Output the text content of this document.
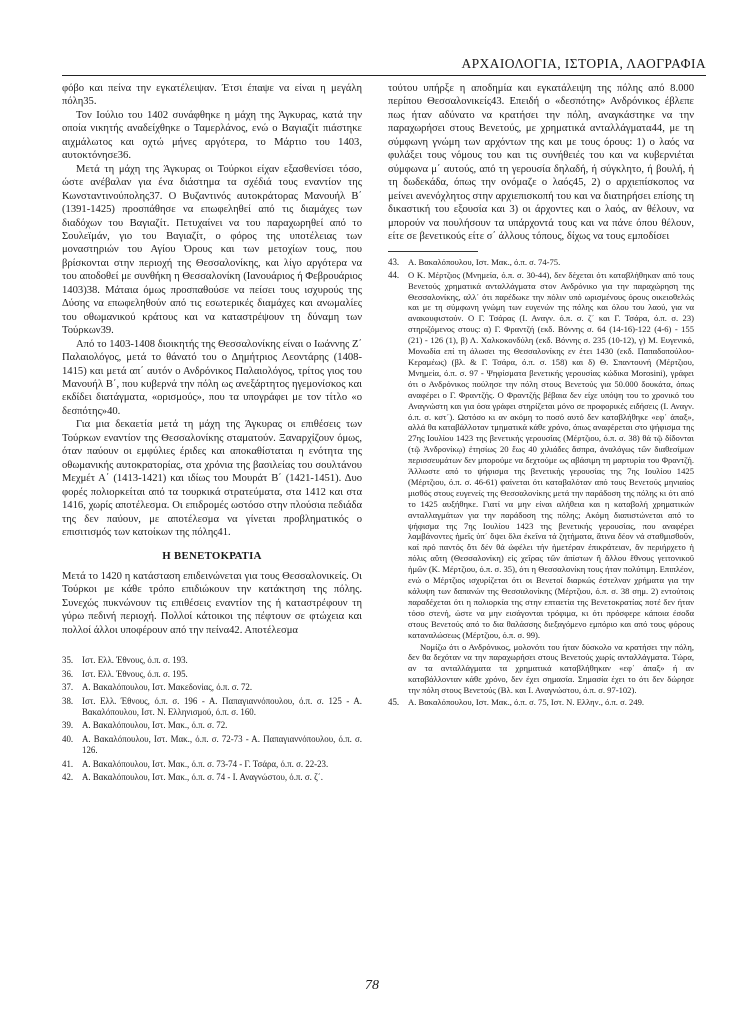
ΑΡΧΑΙΟΛΟΓΙΑ, ΙΣΤΟΡΙΑ, ΛΑΟΓΡΑΦΙΑ

φόβο και πείνα την εγκατέλειψαν. Έτσι έπαψε να είναι η μεγάλη πόλη35.

Τον Ιούλιο του 1402 συνάφθηκε η μάχη της Άγκυρας, κατά την οποία νικητής αναδείχθηκε ο Ταμερλάνος, ενώ ο Βαγιαζίτ πιάστηκε αιχμάλωτος και οχτώ μήνες αργότερα, το Μάρτιο του 1403, αυτοκτόνησε36.

Μετά τη μάχη της Άγκυρας οι Τούρκοι είχαν εξασθενίσει τόσο, ώστε ανέβαλαν για ένα διάστημα τα σχέδιά τους εναντίον της Κωνσταντινούπολης37. Ο Βυζαντινός αυτοκράτορας Μανουήλ Β΄ (1391-1425) προσπάθησε να επωφεληθεί από τις διαμάχες των διαδόχων του Βαγιαζίτ. Πετυχαίνει να του παραχωρηθεί από το Σουλεϊμάν, γιο του Βαγιαζίτ, ο φόρος της υποτέλειας των μοναστηριών του Αγίου Όρους και των μετοχίων τους, που βρίσκονται στην περιοχή της Θεσσαλονίκης, και λίγο αργότερα να του αποδοθεί με συνθήκη η Θεσσαλονίκη (Ιανουάριος ή Φεβρουάριος 1403)38. Μάταια όμως προσπαθούσε να πείσει τους ισχυρούς της Δύσης να επωφεληθούν από τις εσωτερικές διαμάχες και ανωμαλίες του οθωμανικού κράτους και να καταστρέψουν τη δύναμη των Τούρκων39.

Από το 1403-1408 διοικητής της Θεσσαλονίκης είναι ο Ιωάννης Ζ΄ Παλαιολόγος, μετά το θάνατό του ο Δημήτριος Λεοντάρης (1408-1415) και μετά απ΄ αυτόν ο Ανδρόνικος Παλαιολόγος, τρίτος γιος του Μανουήλ Β΄, που κυβερνά την πόλη ως ανεξάρτητος ηγεμονίσκος και εκδίδει διατάγματα, «ορισμούς», που τα υπογράφει με τον τίτλο «ο δεσπότης»40.

Για μια δεκαετία μετά τη μάχη της Άγκυρας οι επιθέσεις των Τούρκων εναντίον της Θεσσαλονίκης σταματούν. Ξαναρχίζουν όμως, όταν παύουν οι εμφύλιες έριδες και αποκαθίσταται η ενότητα της οθωμανικής αυτοκρατορίας, στα χρόνια της βασιλείας του σουλτάνου Μεχμέτ Α΄ (1413-1421) και ιδίως του Μουράτ Β΄ (1421-1451). Δυο φορές πολιορκείται από τα τουρκικά στρατεύματα, στα 1412 και στα 1416, χωρίς αποτέλεσμα. Οι επιδρομές ωστόσο στην πλούσια πεδιάδα της δεν παύουν, με αποτέλεσμα να γίνεται προβληματικός ο επισιτισμός των κατοίκων της πόλης41.

Η ΒΕΝΕΤΟΚΡΑΤΙΑ

Μετά το 1420 η κατάσταση επιδεινώνεται για τους Θεσσαλονικείς. Οι Τούρκοι με κάθε τρόπο επιδιώκουν την κατάκτηση της πόλης. Συνεχώς πυκνώνουν τις επιθέσεις εναντίον της ή καταστρέφουν τη γύρω πεδινή περιοχή. Πολλοί κάτοικοι της πέφτουν σε φτώχεια και πολλοί άλλοι υποφέρουν από την πείνα42. Αποτέλεσμα

35.	Ιστ. Ελλ. Έθνους, ό.π. σ. 193.
36.	Ιστ. Ελλ. Έθνους, ό.π. σ. 195.
37.	Α. Βακαλόπουλου, Ιστ. Μακεδονίας, ό.π. σ. 72.
38.	Ιστ. Ελλ. Έθνους, ό.π. σ. 196 - Α. Παπαγιαννόπουλου, ό.π. σ. 125 - Α. Βακαλόπουλου, Ιστ. Ν. Ελληνισμού, ό.π. σ. 160.
39.	Α. Βακαλόπουλου, Ιστ. Μακ., ό.π. σ. 72.
40.	Α. Βακαλόπουλου, Ιστ. Μακ., ό.π. σ. 72-73 - Α. Παπαγιαννόπουλου, ό.π. σ. 126.
41.	Α. Βακαλόπουλου, Ιστ. Μακ., ό.π. σ. 73-74 - Γ. Τσάρα, ό.π. σ. 22-23.
42.	Α. Βακαλόπουλου, Ιστ. Μακ., ό.π. σ. 74 - Ι. Αναγνώστου, ό.π. σ. ζ΄.

τούτου υπήρξε η αποδημία και εγκατάλειψη της πόλης από 8.000 περίπου Θεσσαλονικείς43. Επειδή ο «δεσπότης» Ανδρόνικος έβλεπε πως ήταν αδύνατο να κρατήσει την πόλη, αναγκάστηκε να την παραχωρήσει στους Βενετούς, με χρηματικά ανταλλάγματα44, με τη σύμφωνη γνώμη των αρχόντων της και με τους όρους: 1) ο λαός να φυλάξει τους νόμους του και τις συνήθειές του και να κυβερνιέται σύμφωνα μ΄ αυτούς, από τη γερουσία δηλαδή, ή σύγκλητο, ή βουλή, ή τη δωδεκάδα, όπως την ονόμαζε ο λαός45, 2) ο αρχιεπίσκοπος να μείνει ανενόχλητος στην αρχιεπισκοπή του και να διατηρήσει επίσης τη δικαστική του εξουσία και 3) οι άρχοντες και ο λαός, αν θέλουν, να μπορούν να πουλήσουν τα υπάρχοντά τους και να πάνε όπου θέλουν, είτε σε βενετικούς είτε σ΄ άλλους τόπους, δίχως να τους εμποδίσει

43.	Α. Βακαλόπουλου, Ιστ. Μακ., ό.π. σ. 74-75.
44.	Ο Κ. Μέρτζιος (Μνημεία, ό.π. σ. 30-44), δεν δέχεται ότι καταβλήθηκαν από τους Βενετούς χρηματικά ανταλλάγματα στον Ανδρόνικο για την παραχώρηση της Θεσσαλονίκης, αλλ΄ ότι παρέδωκε την πόλιν υπό ωρισμένους όρους οικειοθελώς και με τη σύμφωνη γνώμη των ευγενών της πόλης και όλου του λαού, για να ανακουφιστούν. Ο Γ. Τσάρας (Ι. Αναγν. ό.π. σ. ζ΄ και Γ. Τσάρα, ό.π. σ. 23) στηριζόμενος στους: α) Γ. Φραντζή (εκδ. Βόννης σ. 64 (14-16)-122 (4-6) - 155 (21) - 126 (1), β) Λ. Χαλκοκονδύλη (εκδ. Βόννης σ. 235 (10-12), γ) Μ. Ευγενικό, Μονωδία επί τη άλωσει της Θεσσαλονίκης εν έτει 1430 (εκδ. Παπαδοπούλου-Κεραμέως) (βλ. & Γ. Τσάρα, ό.π. σ. 158) και δ) Θ. Σπαντουνή (Μέρτζιου, Μνημεία, ό.π. σ. 97 - Ψηφίσματα βενετικής γερουσίας κώδικα Morosini), γράφει ότι ο Ανδρόνικος πούλησε την πόλη στους Βενετούς για 50.000 δουκάτα, όπως αναφέρει ο Γ. Φραντζής. Ο Φραντζής βέβαια δεν είχε υπόψη του το χρονικό του Αναγνώστη και για όσα γράφει στηρίζεται μόνο σε προφορικές ειδήσεις (Ι. Αναγν. ό.π. σ. κστ΄). Ωστόσο κι αν ακόμη το ποσό αυτό δεν καταβλήθηκε «εφ΄ άπαξ», αλλά θα καταβάλλοταν τμηματικά κάθε χρόνο, όπως αναφέρεται στο ψήφισμα της 27ης Ιουλίου 1423 της βενετικής γερουσίας (Μέρτζιου, ό.π. σ. 38) θά τῷ δίδονται (τῷ Ἀνδρονίκῳ) ἐτησίως 20 ἕως 40 χιλιάδες ἄσπρα, ἀναλόγως τῶν διαθεσίμων περισσευμάτων δεν μπορούμε να δεχτούμε ως αβάσιμη τη μαρτυρία του Φραντζή. Άλλωστε από το ψήφισμα της βενετικής γερουσίας της 7ης Ιουλίου 1425 (Μέρτζιου, ό.π. σ. 46-61) φαίνεται ότι καταβαλόταν από τους Βενετούς μηνιαίος μισθός στους ευγενείς της Θεσσαλονίκης μετά την παράδοση της πόλης κι ότι από το 1425 αυξήθηκε. Γιατί να μην είναι αλήθεια και η καταβολή χρηματικών ανταλλαγμάτων για την παράδοση της πόλης; Ακόμη διαπιστώνεται από το ψήφισμα της 7ης Ιουλίου 1423 της βενετικής γερουσίας, που αναφέρει λαμβάνοντες ἡμεῖς ὑπ΄ ὄψει ὅλα ἐκεῖνα τά ζητήματα, ἅτινα δέον νά σταθμισθοῦν, καί πρό παντός ὅτι δέν θά ὠφέλει τήν ἡμετέραν ἐπικράτειαν, ἄν περιήρχετο ἡ πόλις αὕτη (Θεσσαλονίκη) εἰς χεῖρας τῶν ἀπίστων ἤ ἄλλου ἔθνους γειτονικοῦ ἡμῶν (Κ. Μέρτζιου, ό.π. σ. 35), ότι η Θεσσαλονίκη τους ήταν πολύτιμη. Επιπλέον, ενώ ο Μέρτζιος ισχυρίζεται ότι οι Βενετοί διαρκώς έστελναν χρήματα για την κάλυψη των δαπανών της Θεσσαλονίκης (Μέρτζιου, ό.π. σ. 38 σημ. 2) εντούτοις παραδέχεται ότι η πολιορκία της στην επταετία της Βενετοκρατίας ποτέ δεν ήταν τόσο στενή, ώστε να μην εισάγονται τρόφιμα, κι ότι πρόσφερε κάποια έσοδα στους Βενετούς από το δια θαλάσσης διεξαγόμενο εμπόριο και από τους φόρους καταναλώσεως (Μέρτζιου, ό.π. σ. 99).
Νομίζω ότι ο Ανδρόνικος, μολονότι του ήταν δύσκολο να κρατήσει την πόλη, δεν θα δεχόταν να την παραχωρήσει στους Βενετούς χωρίς ανταλλάγματα. Τώρα, αν τα ανταλλάγματα τα χρηματικά καταβλήθηκαν «εφ΄ άπαξ» ή αν καταβάλλονταν κάθε χρόνο, δεν έχει σημασία. Σημασία έχει το ότι δεν δώρησε την πόλη στους Βενετούς (Βλ. και Ι. Αναγνώστου, ό.π. σ. 97-102).
45.	Α. Βακαλόπουλου, Ιστ. Μακ., ό.π. σ. 75, Ιστ. Ν. Ελλην., ό.π. σ. 249.
78
